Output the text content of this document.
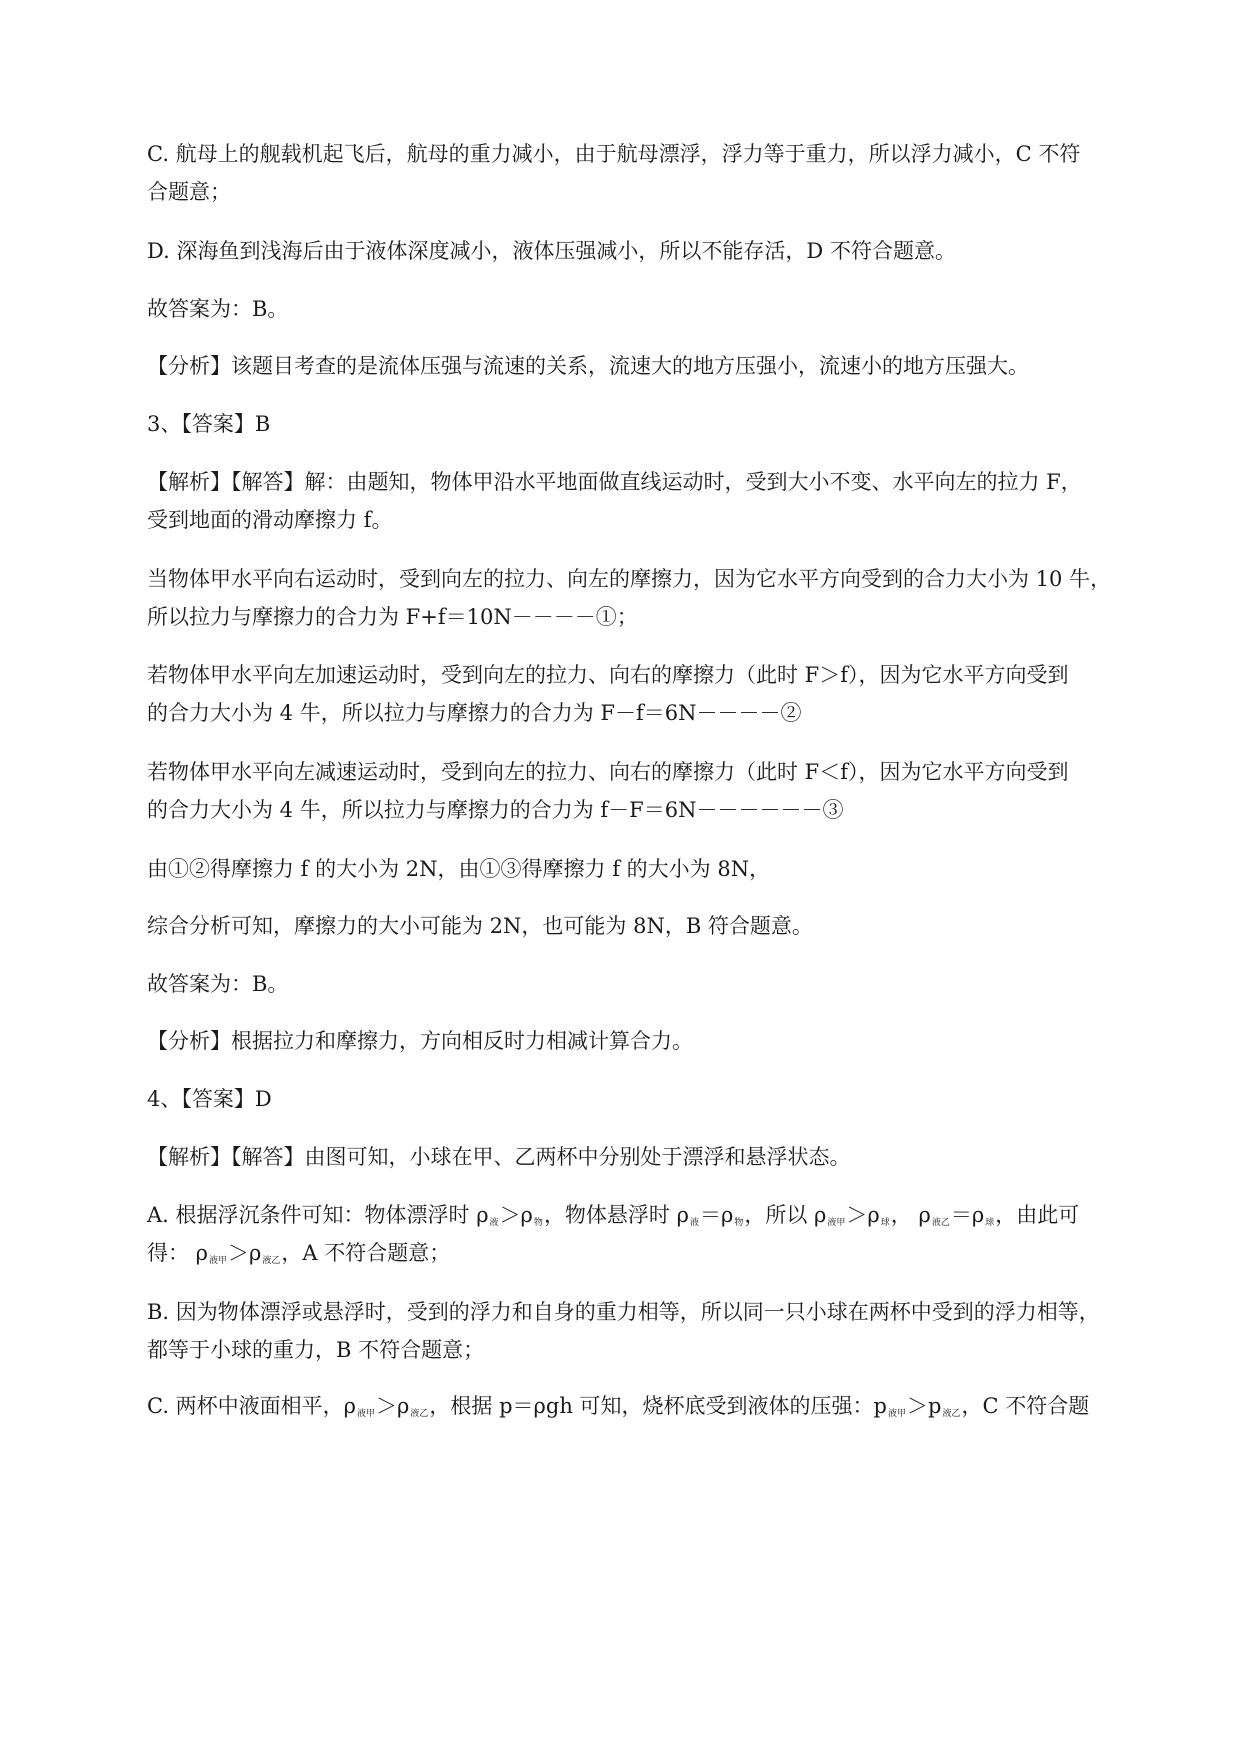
C. 航母上的舰载机起飞后，航母的重力减小，由于航母漂浮，浮力等于重力，所以浮力减小，C 不符
合题意；
D. 深海鱼到浅海后由于液体深度减小，液体压强减小，所以不能存活，D 不符合题意。
故答案为：B。
【分析】该题目考查的是流体压强与流速的关系，流速大的地方压强小，流速小的地方压强大。
3、【答案】B
【解析】【解答】解：由题知，物体甲沿水平地面做直线运动时，受到大小不变、水平向左的拉力 F，
受到地面的滑动摩擦力 f。
当物体甲水平向右运动时，受到向左的拉力、向左的摩擦力，因为它水平方向受到的合力大小为 10 牛，
所以拉力与摩擦力的合力为 F+f＝10N－－－－①；
若物体甲水平向左加速运动时，受到向左的拉力、向右的摩擦力（此时 F＞f），因为它水平方向受到
的合力大小为 4 牛，所以拉力与摩擦力的合力为 F－f＝6N－－－－②
若物体甲水平向左减速运动时，受到向左的拉力、向右的摩擦力（此时 F＜f），因为它水平方向受到
的合力大小为 4 牛，所以拉力与摩擦力的合力为 f－F＝6N－－－－－－③
由①②得摩擦力 f 的大小为 2N，由①③得摩擦力 f 的大小为 8N，
综合分析可知，摩擦力的大小可能为 2N，也可能为 8N，B 符合题意。
故答案为：B。
【分析】根据拉力和摩擦力，方向相反时力相减计算合力。
4、【答案】D
【解析】【解答】由图可知，小球在甲、乙两杯中分别处于漂浮和悬浮状态。
A. 根据浮沉条件可知：物体漂浮时 $\rho_液>\rho_物$，物体悬浮时 $\rho_液=\rho_物$，所以 $\rho_{液甲}>\rho_球$， $\rho_{液乙}=\rho_球$，由此可
得： $\rho_{液甲}>\rho_{液乙}$，A 不符合题意；
B. 因为物体漂浮或悬浮时，受到的浮力和自身的重力相等，所以同一只小球在两杯中受到的浮力相等，
都等于小球的重力，B 不符合题意；
C. 两杯中液面相平，$\rho_{液甲}>\rho_{液乙}$，根据 p＝ρgh 可知，烧杯底受到液体的压强：$p_{液甲}>p_{液乙}$，C 不符合题
